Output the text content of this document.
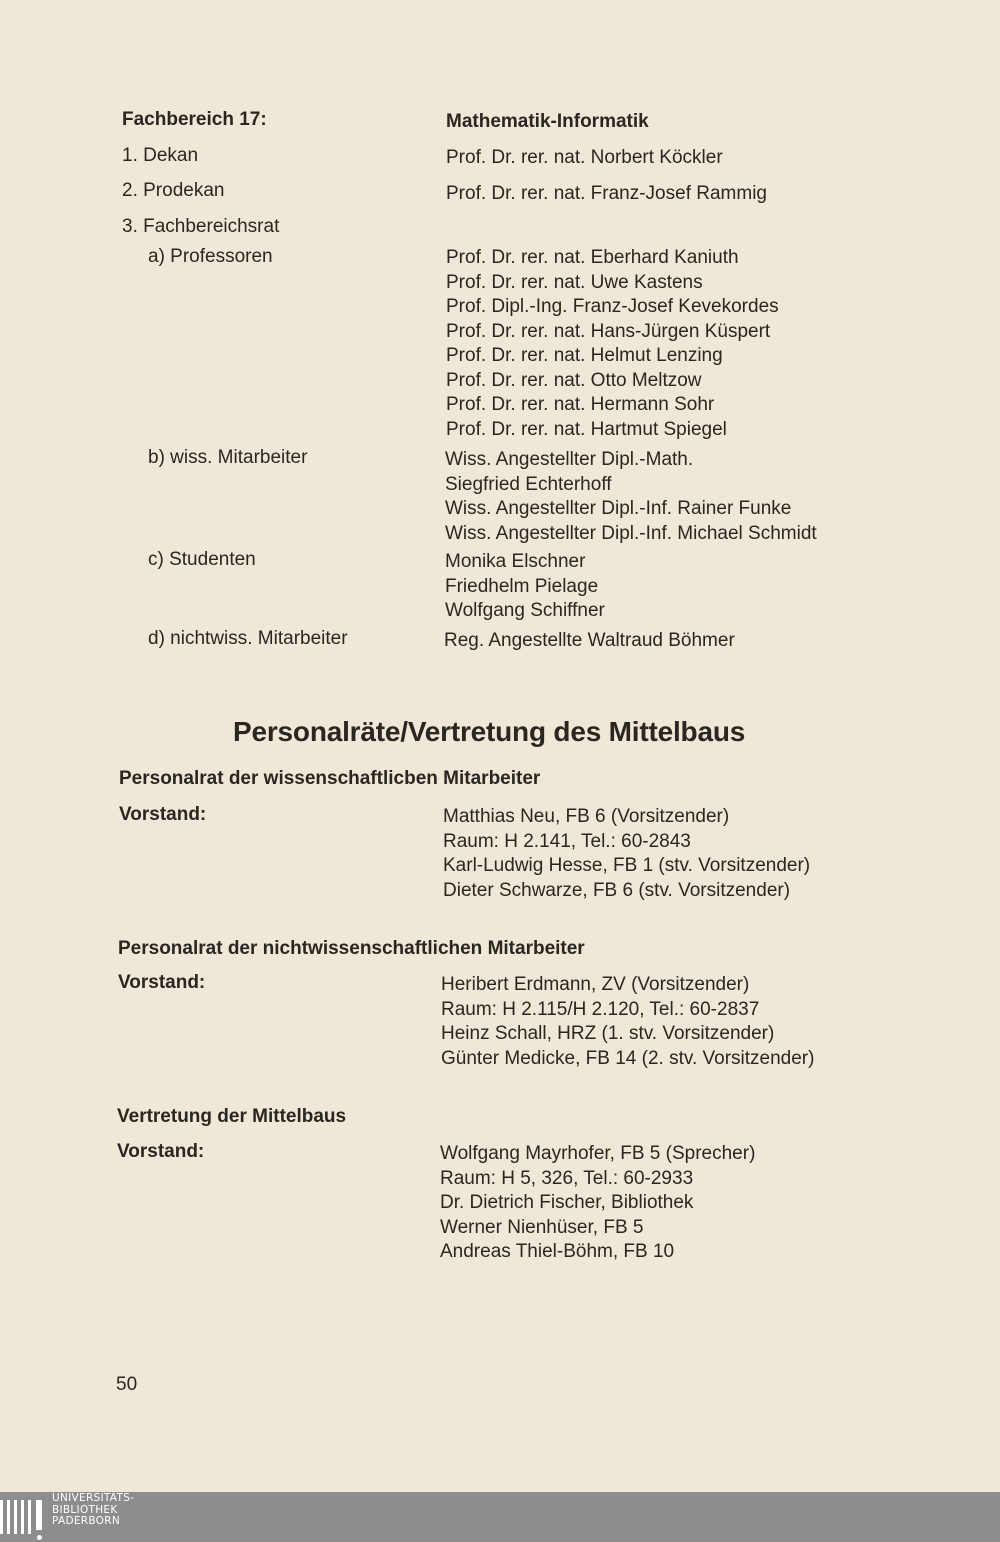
Fachbereich 17:	Mathematik-Informatik
1. Dekan	Prof. Dr. rer. nat. Norbert Köckler
2. Prodekan	Prof. Dr. rer. nat. Franz-Josef Rammig
3. Fachbereichsrat
a) Professoren	Prof. Dr. rer. nat. Eberhard Kaniuth
Prof. Dr. rer. nat. Uwe Kastens
Prof. Dipl.-Ing. Franz-Josef Kevekordes
Prof. Dr. rer. nat. Hans-Jürgen Küspert
Prof. Dr. rer. nat. Helmut Lenzing
Prof. Dr. rer. nat. Otto Meltzow
Prof. Dr. rer. nat. Hermann Sohr
Prof. Dr. rer. nat. Hartmut Spiegel
b) wiss. Mitarbeiter	Wiss. Angestellter Dipl.-Math.
Siegfried Echterhoff
Wiss. Angestellter Dipl.-Inf. Rainer Funke
Wiss. Angestellter Dipl.-Inf. Michael Schmidt
c) Studenten	Monika Elschner
Friedhelm Pielage
Wolfgang Schiffner
d) nichtwiss. Mitarbeiter	Reg. Angestellte Waltraud Böhmer
Personalräte/Vertretung des Mittelbaus
Personalrat der wissenschaftlicben Mitarbeiter
Vorstand:	Matthias Neu, FB 6 (Vorsitzender)
Raum: H 2.141, Tel.: 60-2843
Karl-Ludwig Hesse, FB 1 (stv. Vorsitzender)
Dieter Schwarze, FB 6 (stv. Vorsitzender)
Personalrat der nichtwissenschaftlichen Mitarbeiter
Vorstand:	Heribert Erdmann, ZV (Vorsitzender)
Raum: H 2.115/H 2.120, Tel.: 60-2837
Heinz Schall, HRZ (1. stv. Vorsitzender)
Günter Medicke, FB 14 (2. stv. Vorsitzender)
Vertretung der Mittelbaus
Vorstand:	Wolfgang Mayrhofer, FB 5 (Sprecher)
Raum: H 5, 326, Tel.: 60-2933
Dr. Dietrich Fischer, Bibliothek
Werner Nienhüser, FB 5
Andreas Thiel-Böhm, FB 10
50
UNIVERSITÄTS-
BIBLIOTHEK
PADERBORN
